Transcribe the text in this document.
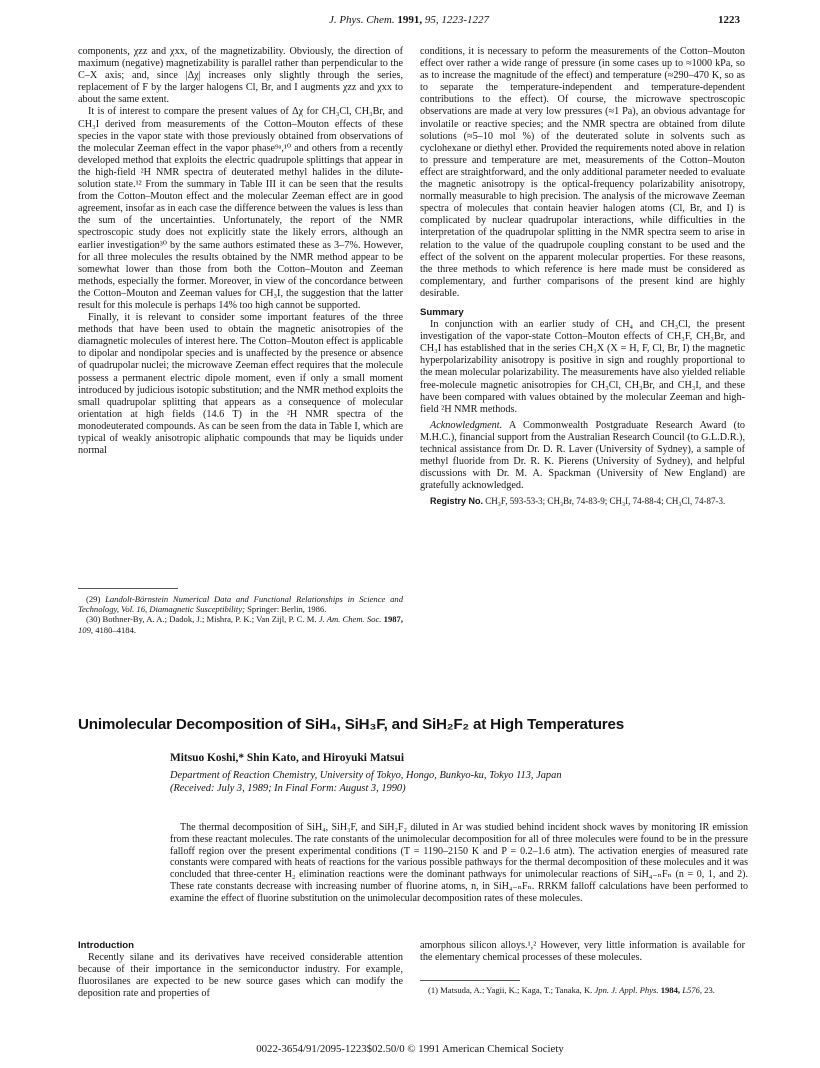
J. Phys. Chem. 1991, 95, 1223-1227	1223

components, χzz and χxx, of the magnetizability. Obviously, the direction of maximum (negative) magnetizability is parallel rather than perpendicular to the C–X axis; and, since |Δχ| increases only slightly through the series, replacement of F by the larger halogens Cl, Br, and I augments χzz and χxx to about the same extent.

It is of interest to compare the present values of Δχ for CH₃Cl, CH₃Br, and CH₃I derived from measurements of the Cotton–Mouton effects of these species in the vapor state with those previously obtained from observations of the molecular Zeeman effect in the vapor phase⁹ᵃ,¹⁰ and others from a recently developed method that exploits the electric quadrupole splittings that appear in the high-field ²H NMR spectra of deuterated methyl halides in the dilute-solution state.¹² From the summary in Table III it can be seen that the results from the Cotton–Mouton effect and the molecular Zeeman effect are in good agreement, insofar as in each case the difference between the values is less than the sum of the uncertainties. Unfortunately, the report of the NMR spectroscopic study does not explicitly state the likely errors, although an earlier investigation³⁰ by the same authors estimated these as 3–7%. However, for all three molecules the results obtained by the NMR method appear to be somewhat lower than those from both the Cotton–Mouton and Zeeman methods, especially the former. Moreover, in view of the concordance between the Cotton–Mouton and Zeeman values for CH₃I, the suggestion that the latter result for this molecule is perhaps 14% too high cannot be supported.

Finally, it is relevant to consider some important features of the three methods that have been used to obtain the magnetic anisotropies of the diamagnetic molecules of interest here. The Cotton–Mouton effect is applicable to dipolar and nondipolar species and is unaffected by the presence or absence of quadrupolar nuclei; the microwave Zeeman effect requires that the molecule possess a permanent electric dipole moment, even if only a small moment introduced by judicious isotopic substitution; and the NMR method exploits the small quadrupolar splitting that appears as a consequence of molecular orientation at high fields (14.6 T) in the ²H NMR spectra of the monodeuterated compounds. As can be seen from the data in Table I, which are typical of weakly anisotropic aliphatic compounds that may be liquids under normal

(29) Landolt-Börnstein Numerical Data and Functional Relationships in Science and Technology, Vol. 16, Diamagnetic Susceptibility; Springer: Berlin, 1986.

(30) Bothner-By, A. A.; Dadok, J.; Mishra, P. K.; Van Zijl, P. C. M. J. Am. Chem. Soc. 1987, 109, 4180–4184.

conditions, it is necessary to peform the measurements of the Cotton–Mouton effect over rather a wide range of pressure (in some cases up to ≈1000 kPa, so as to increase the magnitude of the effect) and temperature (≈290–470 K, so as to separate the temperature-independent and temperature-dependent contributions to the effect). Of course, the microwave spectroscopic observations are made at very low pressures (≈1 Pa), an obvious advantage for involatile or reactive species; and the NMR spectra are obtained from dilute solutions (≈5–10 mol %) of the deuterated solute in solvents such as cyclohexane or diethyl ether. Provided the requirements noted above in relation to pressure and temperature are met, measurements of the Cotton–Mouton effect are straightforward, and the only additional parameter needed to evaluate the magnetic anisotropy is the optical-frequency polarizability anisotropy, normally measurable to high precision. The analysis of the microwave Zeeman spectra of molecules that contain heavier halogen atoms (Cl, Br, and I) is complicated by nuclear quadrupolar interactions, while difficulties in the interpretation of the quadrupolar splitting in the NMR spectra seem to arise in relation to the value of the quadrupole coupling constant to be used and the effect of the solvent on the apparent molecular properties. For these reasons, the three methods to which reference is here made must be considered as complementary, and further comparisons of the present kind are highly desirable.

Summary

In conjunction with an earlier study of CH₄ and CH₃Cl, the present investigation of the vapor-state Cotton–Mouton effects of CH₃F, CH₃Br, and CH₃I has established that in the series CH₃X (X = H, F, Cl, Br, I) the magnetic hyperpolarizability anisotropy is positive in sign and roughly proportional to the mean molecular polarizability. The measurements have also yielded reliable free-molecule magnetic anisotropies for CH₃Cl, CH₃Br, and CH₃I, and these have been compared with values obtained by the molecular Zeeman and high-field ²H NMR methods.

Acknowledgment. A Commonwealth Postgraduate Research Award (to M.H.C.), financial support from the Australian Research Council (to G.L.D.R.), technical assistance from Dr. D. R. Laver (University of Sydney), a sample of methyl fluoride from Dr. R. K. Pierens (University of Sydney), and helpful discussions with Dr. M. A. Spackman (University of New England) are gratefully acknowledged.

Registry No. CH₃F, 593-53-3; CH₃Br, 74-83-9; CH₃I, 74-88-4; CH₃Cl, 74-87-3.

Unimolecular Decomposition of SiH₄, SiH₃F, and SiH₂F₂ at High Temperatures
Mitsuo Koshi,* Shin Kato, and Hiroyuki Matsui
Department of Reaction Chemistry, University of Tokyo, Hongo, Bunkyo-ku, Tokyo 113, Japan
(Received: July 3, 1989; In Final Form: August 3, 1990)

The thermal decomposition of SiH₄, SiH₃F, and SiH₂F₂ diluted in Ar was studied behind incident shock waves by monitoring IR emission from these reactant molecules. The rate constants of the unimolecular decomposition for all of three molecules were found to be in the pressure falloff region over the present experimental conditions (T = 1190–2150 K and P = 0.2–1.6 atm). The activation energies of measured rate constants were compared with heats of reactions for the various possible pathways for the thermal decomposition of these molecules and it was concluded that three-center H₂ elimination reactions were the dominant pathways for unimolecular reactions of SiH₄₋ₙFₙ (n = 0, 1, and 2). These rate constants decrease with increasing number of fluorine atoms, n, in SiH₄₋ₙFₙ. RRKM falloff calculations have been performed to examine the effect of fluorine substitution on the unimolecular decomposition rates of these molecules.

Introduction

Recently silane and its derivatives have received considerable attention because of their importance in the semiconductor industry. For example, fluorosilanes are expected to be new source gases which can modify the deposition rate and properties of

amorphous silicon alloys.¹,² However, very little information is available for the elementary chemical processes of these molecules.

(1) Matsuda, A.; Yagii, K.; Kaga, T.; Tanaka, K. Jpn. J. Appl. Phys. 1984, L576, 23.

0022-3654/91/2095-1223$02.50/0 © 1991 American Chemical Society
